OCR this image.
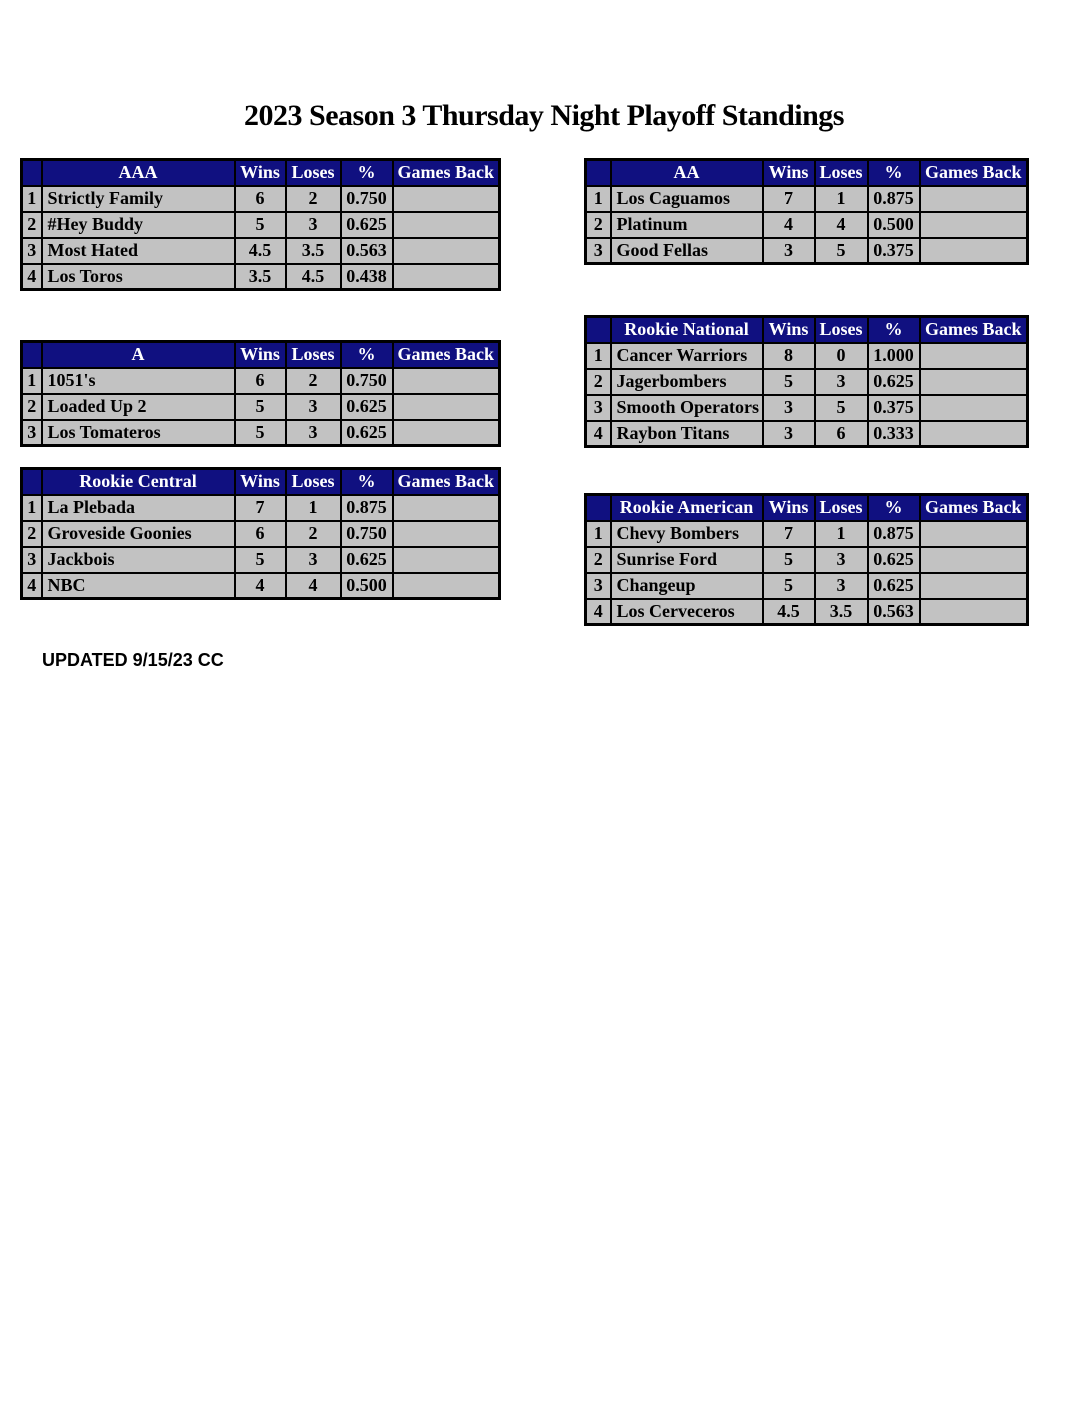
2023 Season 3 Thursday Night Playoff Standings
	AAA	Wins	Loses	%	Games Back
1	Strictly Family	6	2	0.750	
2	#Hey Buddy	5	3	0.625	
3	Most Hated	4.5	3.5	0.563	
4	Los Toros	3.5	4.5	0.438	
	AA	Wins	Loses	%	Games Back
1	Los Caguamos	7	1	0.875	
2	Platinum	4	4	0.500	
3	Good Fellas	3	5	0.375	
	A	Wins	Loses	%	Games Back
1	1051's	6	2	0.750	
2	Loaded Up 2	5	3	0.625	
3	Los Tomateros	5	3	0.625	
	Rookie National	Wins	Loses	%	Games Back
1	Cancer Warriors	8	0	1.000	
2	Jagerbombers	5	3	0.625	
3	Smooth Operators	3	5	0.375	
4	Raybon Titans	3	6	0.333	
	Rookie Central	Wins	Loses	%	Games Back
1	La Plebada	7	1	0.875	
2	Groveside Goonies	6	2	0.750	
3	Jackbois	5	3	0.625	
4	NBC	4	4	0.500	
	Rookie American	Wins	Loses	%	Games Back
1	Chevy Bombers	7	1	0.875	
2	Sunrise Ford	5	3	0.625	
3	Changeup	5	3	0.625	
4	Los Cerveceros	4.5	3.5	0.563	
UPDATED 9/15/23 CC
